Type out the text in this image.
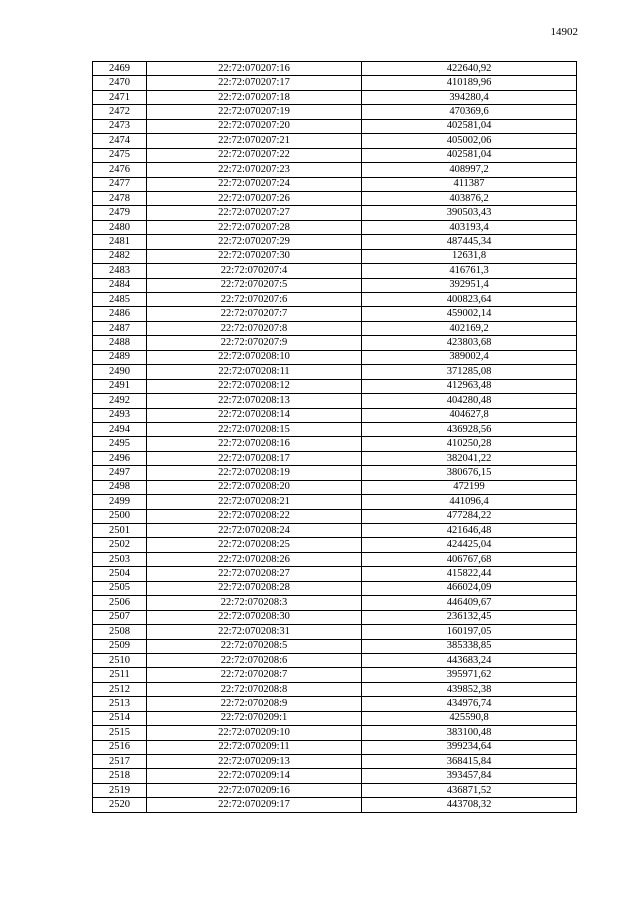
14902
2469	22:72:070207:16	422640,92
2470	22:72:070207:17	410189,96
2471	22:72:070207:18	394280,4
2472	22:72:070207:19	470369,6
2473	22:72:070207:20	402581,04
2474	22:72:070207:21	405002,06
2475	22:72:070207:22	402581,04
2476	22:72:070207:23	408997,2
2477	22:72:070207:24	411387
2478	22:72:070207:26	403876,2
2479	22:72:070207:27	390503,43
2480	22:72:070207:28	403193,4
2481	22:72:070207:29	487445,34
2482	22:72:070207:30	12631,8
2483	22:72:070207:4	416761,3
2484	22:72:070207:5	392951,4
2485	22:72:070207:6	400823,64
2486	22:72:070207:7	459002,14
2487	22:72:070207:8	402169,2
2488	22:72:070207:9	423803,68
2489	22:72:070208:10	389002,4
2490	22:72:070208:11	371285,08
2491	22:72:070208:12	412963,48
2492	22:72:070208:13	404280,48
2493	22:72:070208:14	404627,8
2494	22:72:070208:15	436928,56
2495	22:72:070208:16	410250,28
2496	22:72:070208:17	382041,22
2497	22:72:070208:19	380676,15
2498	22:72:070208:20	472199
2499	22:72:070208:21	441096,4
2500	22:72:070208:22	477284,22
2501	22:72:070208:24	421646,48
2502	22:72:070208:25	424425,04
2503	22:72:070208:26	406767,68
2504	22:72:070208:27	415822,44
2505	22:72:070208:28	466024,09
2506	22:72:070208:3	446409,67
2507	22:72:070208:30	236132,45
2508	22:72:070208:31	160197,05
2509	22:72:070208:5	385338,85
2510	22:72:070208:6	443683,24
2511	22:72:070208:7	395971,62
2512	22:72:070208:8	439852,38
2513	22:72:070208:9	434976,74
2514	22:72:070209:1	425590,8
2515	22:72:070209:10	383100,48
2516	22:72:070209:11	399234,64
2517	22:72:070209:13	368415,84
2518	22:72:070209:14	393457,84
2519	22:72:070209:16	436871,52
2520	22:72:070209:17	443708,32
